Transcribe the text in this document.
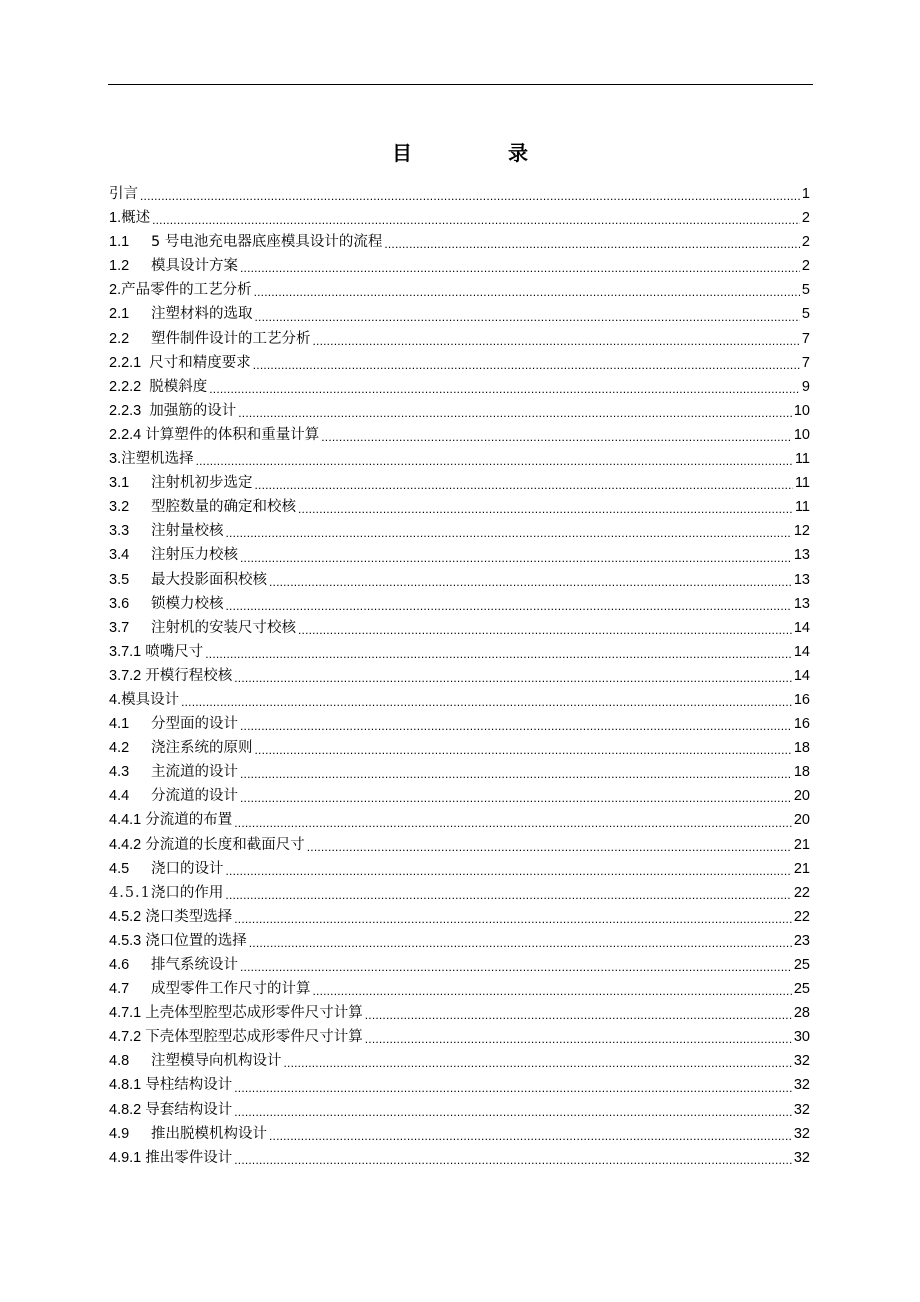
目　录
引言 .....	1
1. 概述 .....	2
1.1	5 号电池充电器底座模具设计的流程 .....	2
1.2	模具设计方案 .....	2
2. 产品零件的工艺分析 .....	5
2.1	注塑材料的选取 .....	5
2.2	塑件制件设计的工艺分析 .....	7
2.2.1 尺寸和精度要求 .....	7
2.2.2 脱模斜度 .....	9
2.2.3 加强筋的设计 .....	10
2.2.4 计算塑件的体积和重量计算 .....	10
3. 注塑机选择 .....	11
3.1	注射机初步选定 .....	11
3.2	型腔数量的确定和校核 .....	11
3.3	注射量校核 .....	12
3.4	注射压力校核 .....	13
3.5	最大投影面积校核 .....	13
3.6	锁模力校核 .....	13
3.7	注射机的安装尺寸校核 .....	14
3.7.1 喷嘴尺寸 .....	14
3.7.2 开模行程校核 .....	14
4. 模具设计 .....	16
4.1	分型面的设计 .....	16
4.2	浇注系统的原则 .....	18
4.3	主流道的设计 .....	18
4.4	分流道的设计 .....	20
4.4.1 分流道的布置 .....	20
4.4.2 分流道的长度和截面尺寸 .....	21
4.5	浇口的设计 .....	21
4.5.1 浇口的作用 .....	22
4.5.2 浇口类型选择 .....	22
4.5.3 浇口位置的选择 .....	23
4.6	排气系统设计 .....	25
4.7	成型零件工作尺寸的计算 .....	25
4.7.1 上壳体型腔型芯成形零件尺寸计算 .....	28
4.7.2 下壳体型腔型芯成形零件尺寸计算 .....	30
4.8	注塑模导向机构设计 .....	32
4.8.1 导柱结构设计 .....	32
4.8.2 导套结构设计 .....	32
4.9	推出脱模机构设计 .....	32
4.9.1 推出零件设计 .....	32
